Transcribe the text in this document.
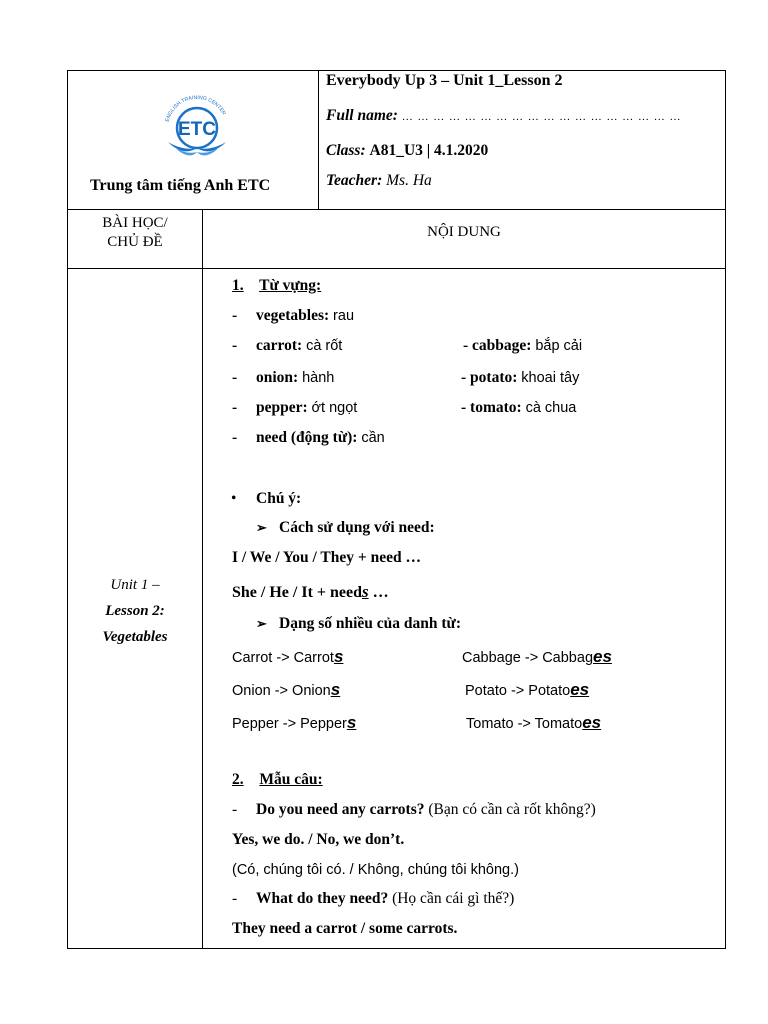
ENGLISH TRAINING CENTER
ETC
Trung tâm tiếng Anh ETC
Everybody Up 3 – Unit 1_Lesson 2
Full name: … … … … … … … … … … … … … … … … … …
Class: A81_U3 | 4.1.2020
Teacher: Ms. Ha
BÀI HỌC/
CHỦ ĐỀ
NỘI DUNG
Unit 1 –
Lesson 2:
Vegetables
1. Từ vựng:
- vegetables: rau
- carrot: cà rốt	- cabbage: bắp cải
- onion: hành	- potato: khoai tây
- pepper: ớt ngọt	- tomato: cà chua
- need (động từ): cần
• Chú ý:
➢ Cách sử dụng với need:
I / We / You / They + need …
She / He / It + needs …
➢ Dạng số nhiều của danh từ:
Carrot -> Carrots	Cabbage -> Cabbages
Onion -> Onions	Potato -> Potatoes
Pepper -> Peppers	Tomato -> Tomatoes
2. Mẫu câu:
- Do you need any carrots? (Bạn có cần cà rốt không?)
Yes, we do. / No, we don’t.
(Có, chúng tôi có. / Không, chúng tôi không.)
- What do they need? (Họ cần cái gì thế?)
They need a carrot / some carrots.
